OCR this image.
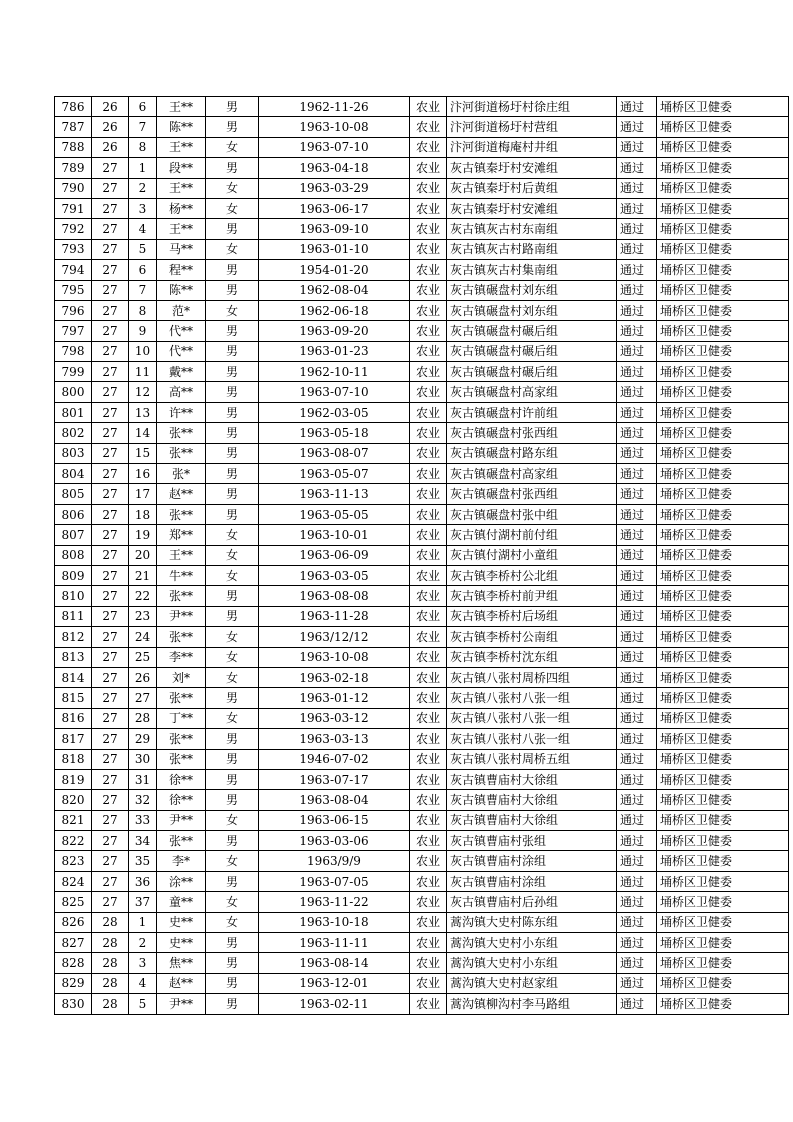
786	26	6	王**	男	1962-11-26	农业	汴河街道杨圩村徐庄组	通过	埇桥区卫健委
787	26	7	陈**	男	1963-10-08	农业	汴河街道杨圩村营组	通过	埇桥区卫健委
788	26	8	王**	女	1963-07-10	农业	汴河街道梅庵村井组	通过	埇桥区卫健委
789	27	1	段**	男	1963-04-18	农业	灰古镇秦圩村安滩组	通过	埇桥区卫健委
790	27	2	王**	女	1963-03-29	农业	灰古镇秦圩村后黄组	通过	埇桥区卫健委
791	27	3	杨**	女	1963-06-17	农业	灰古镇秦圩村安滩组	通过	埇桥区卫健委
792	27	4	王**	男	1963-09-10	农业	灰古镇灰古村东南组	通过	埇桥区卫健委
793	27	5	马**	女	1963-01-10	农业	灰古镇灰古村路南组	通过	埇桥区卫健委
794	27	6	程**	男	1954-01-20	农业	灰古镇灰古村集南组	通过	埇桥区卫健委
795	27	7	陈**	男	1962-08-04	农业	灰古镇碾盘村刘东组	通过	埇桥区卫健委
796	27	8	范*	女	1962-06-18	农业	灰古镇碾盘村刘东组	通过	埇桥区卫健委
797	27	9	代**	男	1963-09-20	农业	灰古镇碾盘村碾后组	通过	埇桥区卫健委
798	27	10	代**	男	1963-01-23	农业	灰古镇碾盘村碾后组	通过	埇桥区卫健委
799	27	11	戴**	男	1962-10-11	农业	灰古镇碾盘村碾后组	通过	埇桥区卫健委
800	27	12	高**	男	1963-07-10	农业	灰古镇碾盘村高家组	通过	埇桥区卫健委
801	27	13	许**	男	1962-03-05	农业	灰古镇碾盘村许前组	通过	埇桥区卫健委
802	27	14	张**	男	1963-05-18	农业	灰古镇碾盘村张西组	通过	埇桥区卫健委
803	27	15	张**	男	1963-08-07	农业	灰古镇碾盘村路东组	通过	埇桥区卫健委
804	27	16	张*	男	1963-05-07	农业	灰古镇碾盘村高家组	通过	埇桥区卫健委
805	27	17	赵**	男	1963-11-13	农业	灰古镇碾盘村张西组	通过	埇桥区卫健委
806	27	18	张**	男	1963-05-05	农业	灰古镇碾盘村张中组	通过	埇桥区卫健委
807	27	19	郑**	女	1963-10-01	农业	灰古镇付湖村前付组	通过	埇桥区卫健委
808	27	20	王**	女	1963-06-09	农业	灰古镇付湖村小童组	通过	埇桥区卫健委
809	27	21	牛**	女	1963-03-05	农业	灰古镇李桥村公北组	通过	埇桥区卫健委
810	27	22	张**	男	1963-08-08	农业	灰古镇李桥村前尹组	通过	埇桥区卫健委
811	27	23	尹**	男	1963-11-28	农业	灰古镇李桥村后场组	通过	埇桥区卫健委
812	27	24	张**	女	1963/12/12	农业	灰古镇李桥村公南组	通过	埇桥区卫健委
813	27	25	李**	女	1963-10-08	农业	灰古镇李桥村沈东组	通过	埇桥区卫健委
814	27	26	刘*	女	1963-02-18	农业	灰古镇八张村周桥四组	通过	埇桥区卫健委
815	27	27	张**	男	1963-01-12	农业	灰古镇八张村八张一组	通过	埇桥区卫健委
816	27	28	丁**	女	1963-03-12	农业	灰古镇八张村八张一组	通过	埇桥区卫健委
817	27	29	张**	男	1963-03-13	农业	灰古镇八张村八张一组	通过	埇桥区卫健委
818	27	30	张**	男	1946-07-02	农业	灰古镇八张村周桥五组	通过	埇桥区卫健委
819	27	31	徐**	男	1963-07-17	农业	灰古镇曹庙村大徐组	通过	埇桥区卫健委
820	27	32	徐**	男	1963-08-04	农业	灰古镇曹庙村大徐组	通过	埇桥区卫健委
821	27	33	尹**	女	1963-06-15	农业	灰古镇曹庙村大徐组	通过	埇桥区卫健委
822	27	34	张**	男	1963-03-06	农业	灰古镇曹庙村张组	通过	埇桥区卫健委
823	27	35	李*	女	1963/9/9	农业	灰古镇曹庙村涂组	通过	埇桥区卫健委
824	27	36	涂**	男	1963-07-05	农业	灰古镇曹庙村涂组	通过	埇桥区卫健委
825	27	37	童**	女	1963-11-22	农业	灰古镇曹庙村后孙组	通过	埇桥区卫健委
826	28	1	史**	女	1963-10-18	农业	蒿沟镇大史村陈东组	通过	埇桥区卫健委
827	28	2	史**	男	1963-11-11	农业	蒿沟镇大史村小东组	通过	埇桥区卫健委
828	28	3	焦**	男	1963-08-14	农业	蒿沟镇大史村小东组	通过	埇桥区卫健委
829	28	4	赵**	男	1963-12-01	农业	蒿沟镇大史村赵家组	通过	埇桥区卫健委
830	28	5	尹**	男	1963-02-11	农业	蒿沟镇柳沟村李马路组	通过	埇桥区卫健委
